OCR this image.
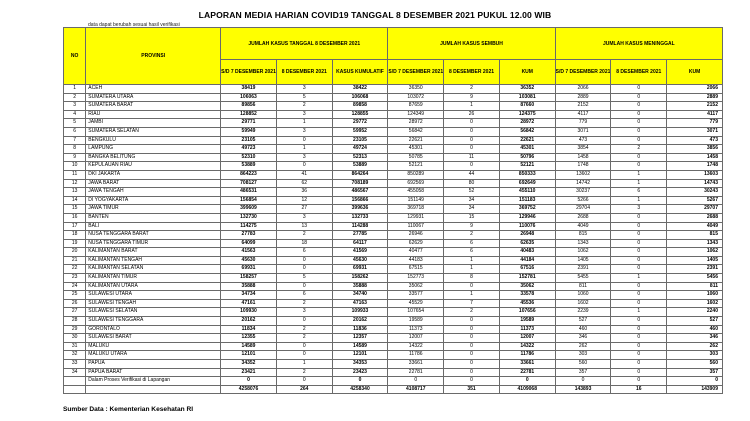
LAPORAN MEDIA HARIAN COVID19 TANGGAL 8 DESEMBER 2021 PUKUL 12.00 WIB
data dapat berubah sesuai hasil verifikasi
NO	PROVINSI	JUMLAH KASUS TANGGAL 8 DESEMBER 2021			JUMLAH KASUS SEMBUH			JUMLAH KASUS MENINGGAL		
		S/D 7 DESEMBER 2021	8 DESEMBER 2021	KASUS KUMULATIF	S/D 7 DESEMBER 2021	8 DESEMBER 2021	KUM	S/D 7 DESEMBER 2021	8 DESEMBER 2021	KUM
1	ACEH	38419	3	38422	36350	2	36352	2066	0	2066
2	SUMATERA UTARA	106063	5	106068	103072	9	103081	2889	0	2889
3	SUMATERA BARAT	89856	2	89858	87659	1	87660	2152	0	2152
4	RIAU	128852	3	128855	124349	26	124375	4117	0	4117
5	JAMBI	29771	1	29772	28972	0	28972	779	0	779
6	SUMATERA SELATAN	59949	3	59952	56842	0	56842	3071	0	3071
7	BENGKULU	23105	0	23105	22621	0	22621	473	0	473
8	LAMPUNG	49723	1	49724	45301	0	45301	3854	2	3856
9	BANGKA BELITUNG	52310	3	52313	50785	11	50796	1458	0	1458
10	KEPULAUAN RIAU	53889	0	53889	52121	0	52121	1748	0	1748
11	DKI JAKARTA	864223	41	864264	850289	44	850333	13602	1	13603
12	JAWA BARAT	708127	62	708189	692569	80	692649	14742	1	14743
13	JAWA TENGAH	486531	36	486567	455058	52	455110	30237	6	30243
14	DI YOGYAKARTA	156854	12	156866	151149	34	151183	5266	1	5267
15	JAWA TIMUR	399609	27	399636	369718	34	369752	29704	3	29707
16	BANTEN	132730	3	132733	129931	15	129946	2688	0	2688
17	BALI	114275	13	114288	110067	9	110076	4049	0	4049
18	NUSA TENGGARA BARAT	27783	2	27785	26946	2	26948	815	0	815
19	NUSA TENGGARA TIMUR	64099	18	64117	62629	6	62635	1343	0	1343
20	KALIMANTAN BARAT	41563	6	41569	40477	6	40483	1062	0	1062
21	KALIMANTAN TENGAH	45630	0	45630	44183	1	44184	1405	0	1405
22	KALIMANTAN SELATAN	69931	0	69931	67515	1	67516	2391	0	2391
23	KALIMANTAN TIMUR	158257	5	158262	152773	8	152781	5455	1	5456
24	KALIMANTAN UTARA	35888	0	35888	35062	0	35062	811	0	811
25	SULAWESI UTARA	34734	6	34740	33577	1	33578	1060	0	1060
26	SULAWESI TENGAH	47161	2	47163	45529	7	45536	1602	0	1602
27	SULAWESI SELATAN	109930	3	109933	107654	2	107656	2239	1	2240
28	SULAWESI TENGGARA	20162	0	20162	19589	0	19589	527	0	527
29	GORONTALO	11834	2	11836	11373	0	11373	460	0	460
30	SULAWESI BARAT	12355	2	12357	12007	0	12007	346	0	346
31	MALUKU	14589	0	14589	14322	0	14322	262	0	262
32	MALUKU UTARA	12101	0	12101	11786	0	11786	303	0	303
33	PAPUA	34352	1	34353	33661	0	33661	560	0	560
34	PAPUA BARAT	23421	2	23423	22781	0	22781	357	0	357
	Dalam Proses Verifikasi di Lapangan	0	0	0	0	0	0	0	0	0
		4258076	264	4258340	4108717	351	4109068	143893	16	143909
Sumber Data : Kementerian Kesehatan RI
